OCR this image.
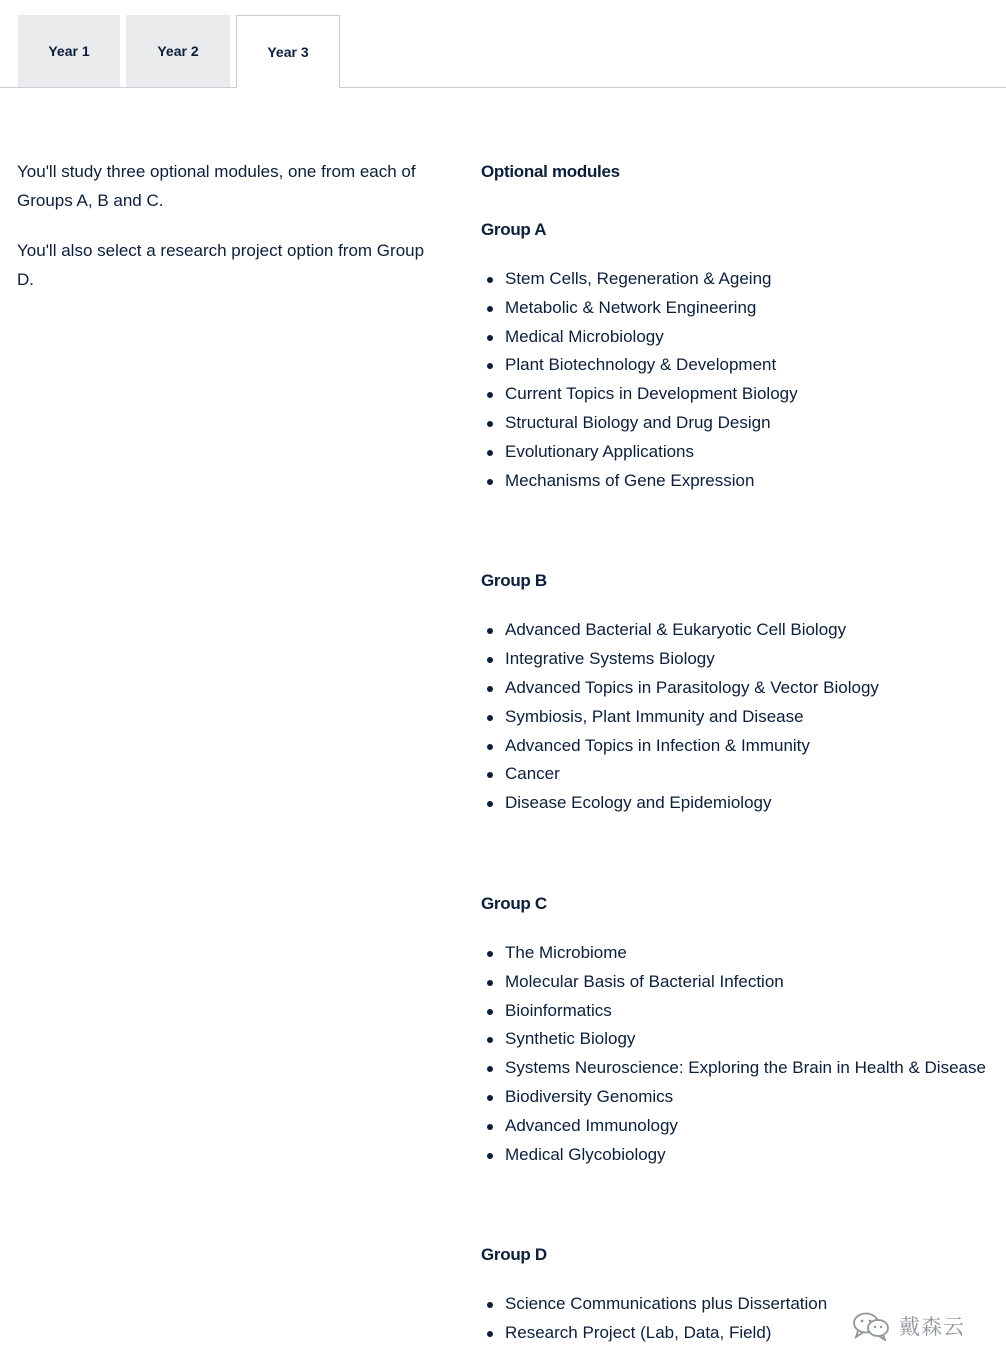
Year 1	Year 2	Year 3

You'll study three optional modules, one from each of Groups A, B and C.

You'll also select a research project option from Group D.

Optional modules
Group A
Stem Cells, Regeneration & Ageing
Metabolic & Network Engineering
Medical Microbiology
Plant Biotechnology & Development
Current Topics in Development Biology
Structural Biology and Drug Design
Evolutionary Applications
Mechanisms of Gene Expression
Group B
Advanced Bacterial & Eukaryotic Cell Biology
Integrative Systems Biology
Advanced Topics in Parasitology & Vector Biology
Symbiosis, Plant Immunity and Disease
Advanced Topics in Infection & Immunity
Cancer
Disease Ecology and Epidemiology
Group C
The Microbiome
Molecular Basis of Bacterial Infection
Bioinformatics
Synthetic Biology
Systems Neuroscience: Exploring the Brain in Health & Disease
Biodiversity Genomics
Advanced Immunology
Medical Glycobiology
Group D
Science Communications plus Dissertation
Research Project (Lab, Data, Field)	戴森云
